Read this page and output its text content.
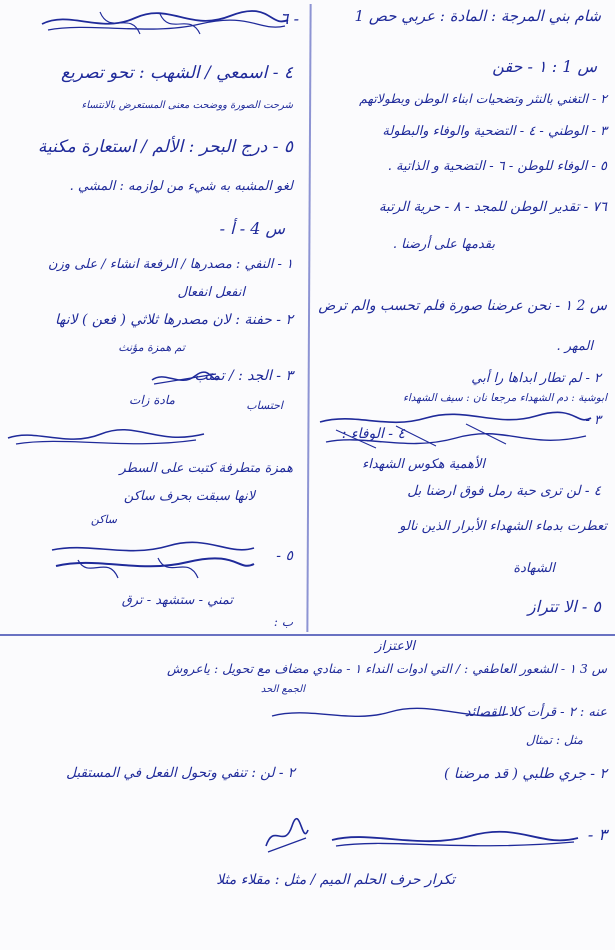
شام بني المرجة : المادة : عربي حص 1
س 1 : ١ - حقن
٢ - التغني بالنثر وتضحيات ابناء الوطن وبطولاتهم
٣ - الوطني - ٤ - التضحية والوفاء والبطولة
٥ - الوفاء للوطن - ٦ - التضحية و الذاتية .
٧٦ - تقدير الوطن للمجد - ٨ - حرية الرتبة
بقدمها على أرضنا .
س 2 ١ - نحن عرضنا صورة فلم تحسب والم ترض
المهر .
٢ - لم تطار ابداها را أبي
ابوشية : دم الشهداء مرجعا نان : سيف الشهداء
٣ -
الأهمية هكوس الشهداء
٤ - لن ترى حبة رمل فوق ارضنا بل
تعطرت بدماء الشهداء الأبرار الذين نالو
الشهادة
٥ - الا تتراز
٦ -
٤ - اسمعي / الشهب : تحو تصريع
شرحت الصورة ووضحت معنى المستعرض بالانتساء
٥ - درج البحر : الألم / استعارة مكنية
لغو المشبه به شيء من لوازمه : المشي .
س 4 - أ -
١ - النفي : مصدرها / الرفعة انشاء / على وزن
انفعل انفعال
٢ - حفنة : لان مصدرها ثلاثي ( فعن ) لانها
تم همزة مؤنث
٣ - الجد : / تمتب
مادة زات	احتساب
٤ - الوفاء :
همزة متطرفة كتبت على السطر
لانها سبقت بحرف ساكن
ساكن
٥ -
تمني - ستشهد - ترق
ب :
الاعتزاز
س 3 ١ - الشعور العاطفي : / التي ادوات النداء ١ - منادي مضاف مع تحويل : ياعروش
الجمع الحد
عنه : ٢ - قرأت كلا القصائد
مثل : تمثال
٢ - لن : تنفي وتحول الفعل في المستقبل	٢ - جري طلبي ( قد مرضنا )
٣ -
تكرار حرف الحلم الميم / مثل : مقلاء مثلا
